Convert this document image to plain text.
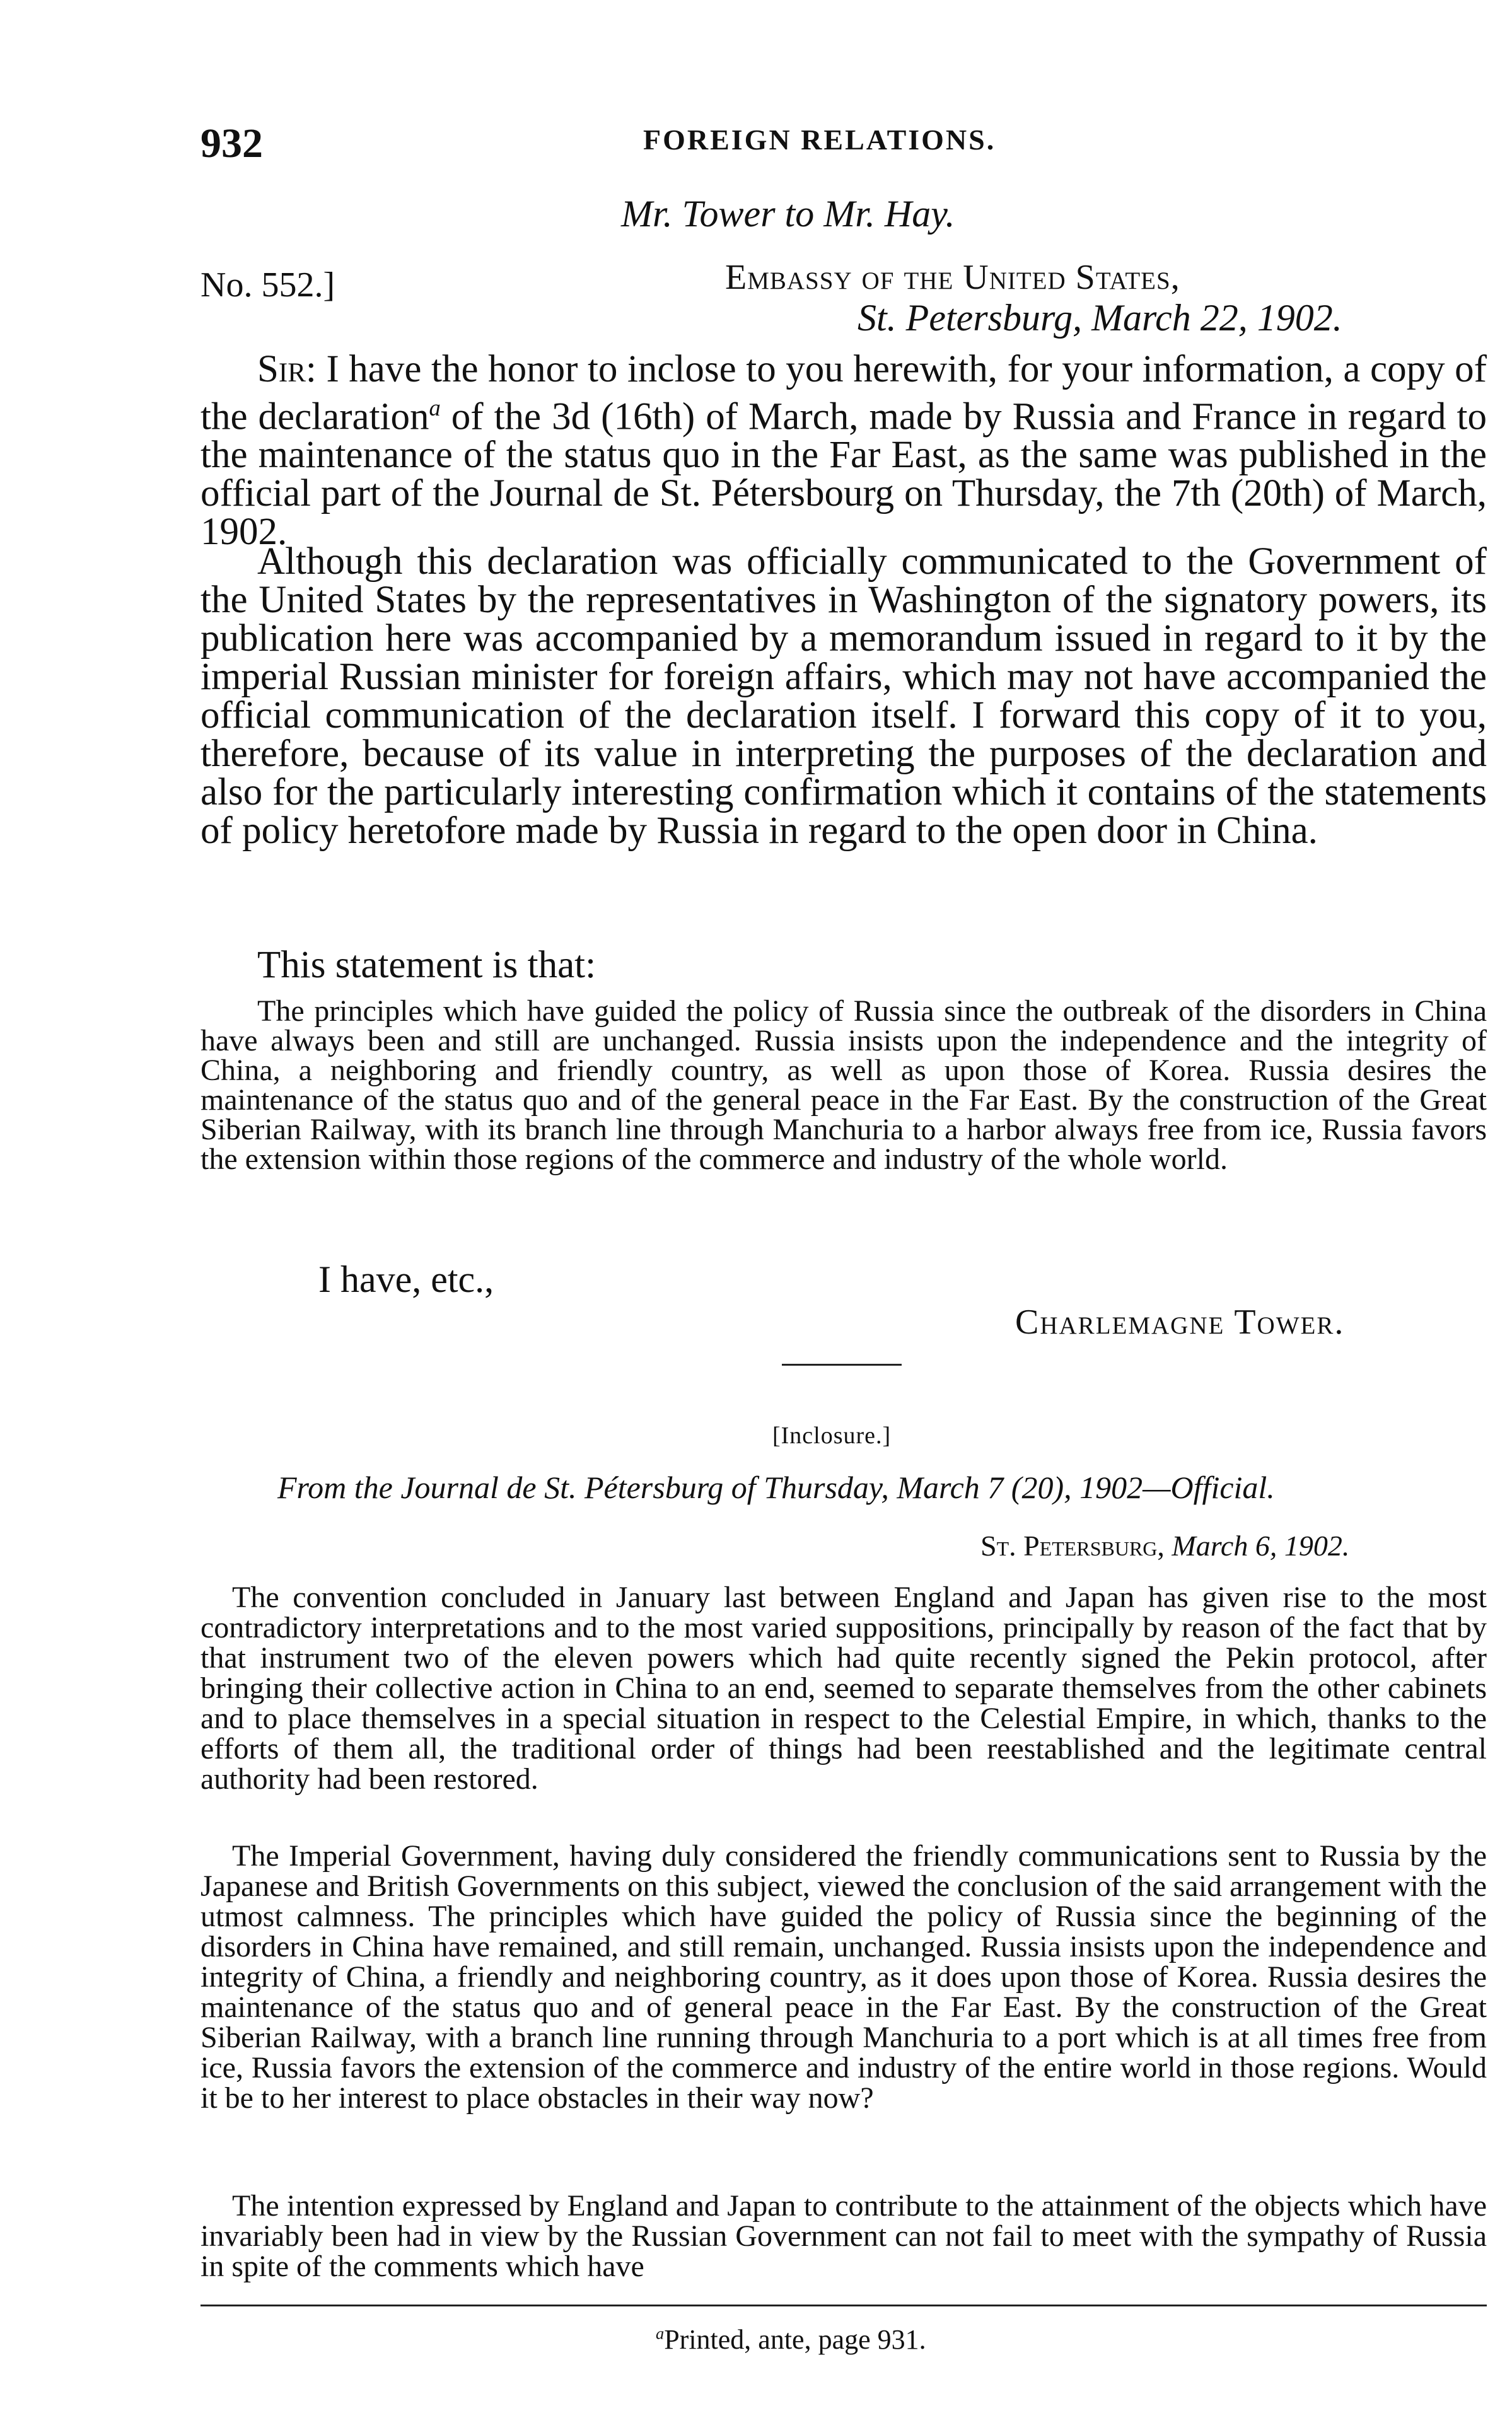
932	FOREIGN RELATIONS.
Mr. Tower to Mr. Hay.
No. 552.]	Embassy of the United States,
St. Petersburg, March 22, 1902.
Sir: I have the honor to inclose to you herewith, for your information, a copy of the declaration$^a$ of the 3d (16th) of March, made by Russia and France in regard to the maintenance of the status quo in the Far East, as the same was published in the official part of the Journal de St. Pétersbourg on Thursday, the 7th (20th) of March, 1902.
Although this declaration was officially communicated to the Government of the United States by the representatives in Washington of the signatory powers, its publication here was accompanied by a memorandum issued in regard to it by the imperial Russian minister for foreign affairs, which may not have accompanied the official communication of the declaration itself. I forward this copy of it to you, therefore, because of its value in interpreting the purposes of the declaration and also for the particularly interesting confirmation which it contains of the statements of policy heretofore made by Russia in regard to the open door in China.
This statement is that:
The principles which have guided the policy of Russia since the outbreak of the disorders in China have always been and still are unchanged. Russia insists upon the independence and the integrity of China, a neighboring and friendly country, as well as upon those of Korea. Russia desires the maintenance of the status quo and of the general peace in the Far East. By the construction of the Great Siberian Railway, with its branch line through Manchuria to a harbor always free from ice, Russia favors the extension within those regions of the commerce and industry of the whole world.
I have, etc.,
Charlemagne Tower.
[Inclosure.]
From the Journal de St. Pétersburg of Thursday, March 7 (20), 1902—Official.
St. Petersburg, March 6, 1902.
The convention concluded in January last between England and Japan has given rise to the most contradictory interpretations and to the most varied suppositions, principally by reason of the fact that by that instrument two of the eleven powers which had quite recently signed the Pekin protocol, after bringing their collective action in China to an end, seemed to separate themselves from the other cabinets and to place themselves in a special situation in respect to the Celestial Empire, in which, thanks to the efforts of them all, the traditional order of things had been reestablished and the legitimate central authority had been restored.
The Imperial Government, having duly considered the friendly communications sent to Russia by the Japanese and British Governments on this subject, viewed the conclusion of the said arrangement with the utmost calmness. The principles which have guided the policy of Russia since the beginning of the disorders in China have remained, and still remain, unchanged. Russia insists upon the independence and integrity of China, a friendly and neighboring country, as it does upon those of Korea. Russia desires the maintenance of the status quo and of general peace in the Far East. By the construction of the Great Siberian Railway, with a branch line running through Manchuria to a port which is at all times free from ice, Russia favors the extension of the commerce and industry of the entire world in those regions. Would it be to her interest to place obstacles in their way now?
The intention expressed by England and Japan to contribute to the attainment of the objects which have invariably been had in view by the Russian Government can not fail to meet with the sympathy of Russia in spite of the comments which have
$^a$Printed, ante, page 931.
